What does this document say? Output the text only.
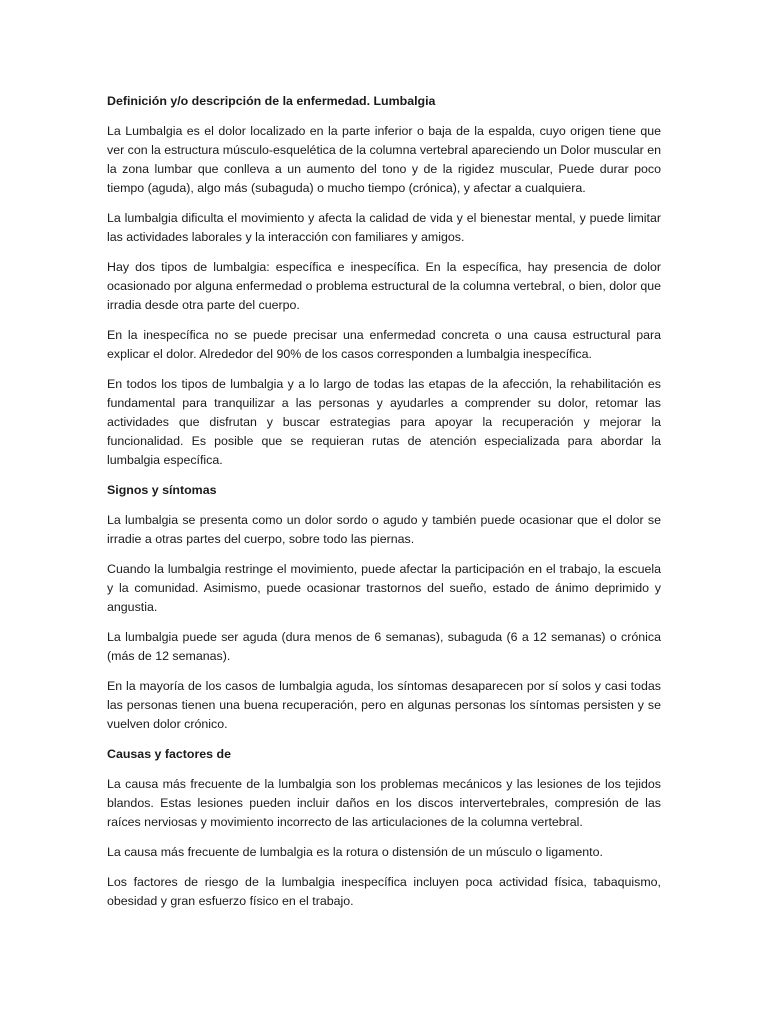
Definición y/o descripción de la enfermedad. Lumbalgia

La Lumbalgia es el dolor localizado en la parte inferior o baja de la espalda, cuyo origen tiene que ver con la estructura músculo-esquelética de la columna vertebral apareciendo un Dolor muscular en la zona lumbar que conlleva a un aumento del tono y de la rigidez muscular, Puede durar poco tiempo (aguda), algo más (subaguda) o mucho tiempo (crónica), y afectar a cualquiera.

La lumbalgia dificulta el movimiento y afecta la calidad de vida y el bienestar mental, y puede limitar las actividades laborales y la interacción con familiares y amigos.

Hay dos tipos de lumbalgia: específica e inespecífica. En la específica, hay presencia de dolor ocasionado por alguna enfermedad o problema estructural de la columna vertebral, o bien, dolor que irradia desde otra parte del cuerpo.

En la inespecífica no se puede precisar una enfermedad concreta o una causa estructural para explicar el dolor. Alrededor del 90% de los casos corresponden a lumbalgia inespecífica.

En todos los tipos de lumbalgia y a lo largo de todas las etapas de la afección, la rehabilitación es fundamental para tranquilizar a las personas y ayudarles a comprender su dolor, retomar las actividades que disfrutan y buscar estrategias para apoyar la recuperación y mejorar la funcionalidad. Es posible que se requieran rutas de atención especializada para abordar la lumbalgia específica.

Signos y síntomas

La lumbalgia se presenta como un dolor sordo o agudo y también puede ocasionar que el dolor se irradie a otras partes del cuerpo, sobre todo las piernas.

Cuando la lumbalgia restringe el movimiento, puede afectar la participación en el trabajo, la escuela y la comunidad. Asimismo, puede ocasionar trastornos del sueño, estado de ánimo deprimido y angustia.

La lumbalgia puede ser aguda (dura menos de 6 semanas), subaguda (6 a 12 semanas) o crónica (más de 12 semanas).

En la mayoría de los casos de lumbalgia aguda, los síntomas desaparecen por sí solos y casi todas las personas tienen una buena recuperación, pero en algunas personas los síntomas persisten y se vuelven dolor crónico.

Causas y factores de

La causa más frecuente de la lumbalgia son los problemas mecánicos y las lesiones de los tejidos blandos. Estas lesiones pueden incluir daños en los discos intervertebrales, compresión de las raíces nerviosas y movimiento incorrecto de las articulaciones de la columna vertebral.

La causa más frecuente de lumbalgia es la rotura o distensión de un músculo o ligamento.

Los factores de riesgo de la lumbalgia inespecífica incluyen poca actividad física, tabaquismo, obesidad y gran esfuerzo físico en el trabajo.
